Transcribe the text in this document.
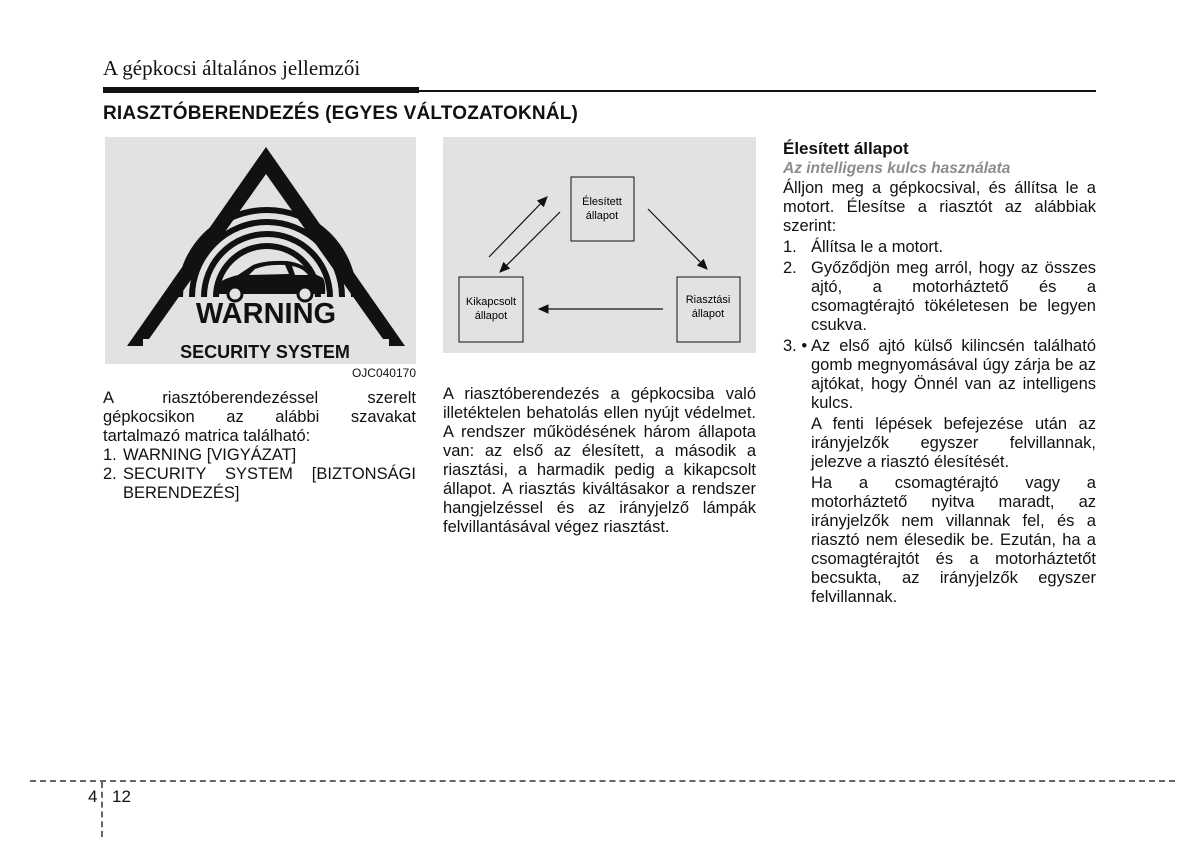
A gépkocsi általános jellemzői
RIASZTÓBERENDEZÉS (EGYES VÁLTOZATOKNÁL)
WARNING
SECURITY SYSTEM
OJC040170
Élesített
állapot
Riasztási
állapot
Kikapcsolt
állapot
A riasztóberendezéssel szerelt gépkocsikon az alábbi szavakat tartalmazó matrica található:
1. WARNING [VIGYÁZAT]
2. SECURITY SYSTEM [BIZTONSÁGI BERENDEZÉS]
A riasztóberendezés a gépkocsiba való illetéktelen behatolás ellen nyújt védelmet. A rendszer működésének három állapota van: az első az élesített, a második a riasztási, a harmadik pedig a kikapcsolt állapot. A riasztás kiváltásakor a rendszer hangjelzéssel és az irányjelző lámpák felvillantásával végez riasztást.
Élesített állapot
Az intelligens kulcs használata

Álljon meg a gépkocsival, és állítsa le a motort. Élesítse a riasztót az alábbiak szerint:

1. Állítsa le a motort.
2. Győződjön meg arról, hogy az összes ajtó, a motorháztető és a csomagtérajtó tökéletesen be legyen csukva.
3. • Az első ajtó külső kilincsén található gomb megnyomásával úgy zárja be az ajtókat, hogy Önnél van az intelligens kulcs.

A fenti lépések befejezése után az irányjelzők egyszer felvillannak, jelezve a riasztó élesítését.

Ha a csomagtérajtó vagy a motorháztető nyitva maradt, az irányjelzők nem villannak fel, és a riasztó nem élesedik be. Ezután, ha a csomagtérajtót és a motorháztetőt becsukta, az irányjelzők egyszer felvillannak.

4 12
